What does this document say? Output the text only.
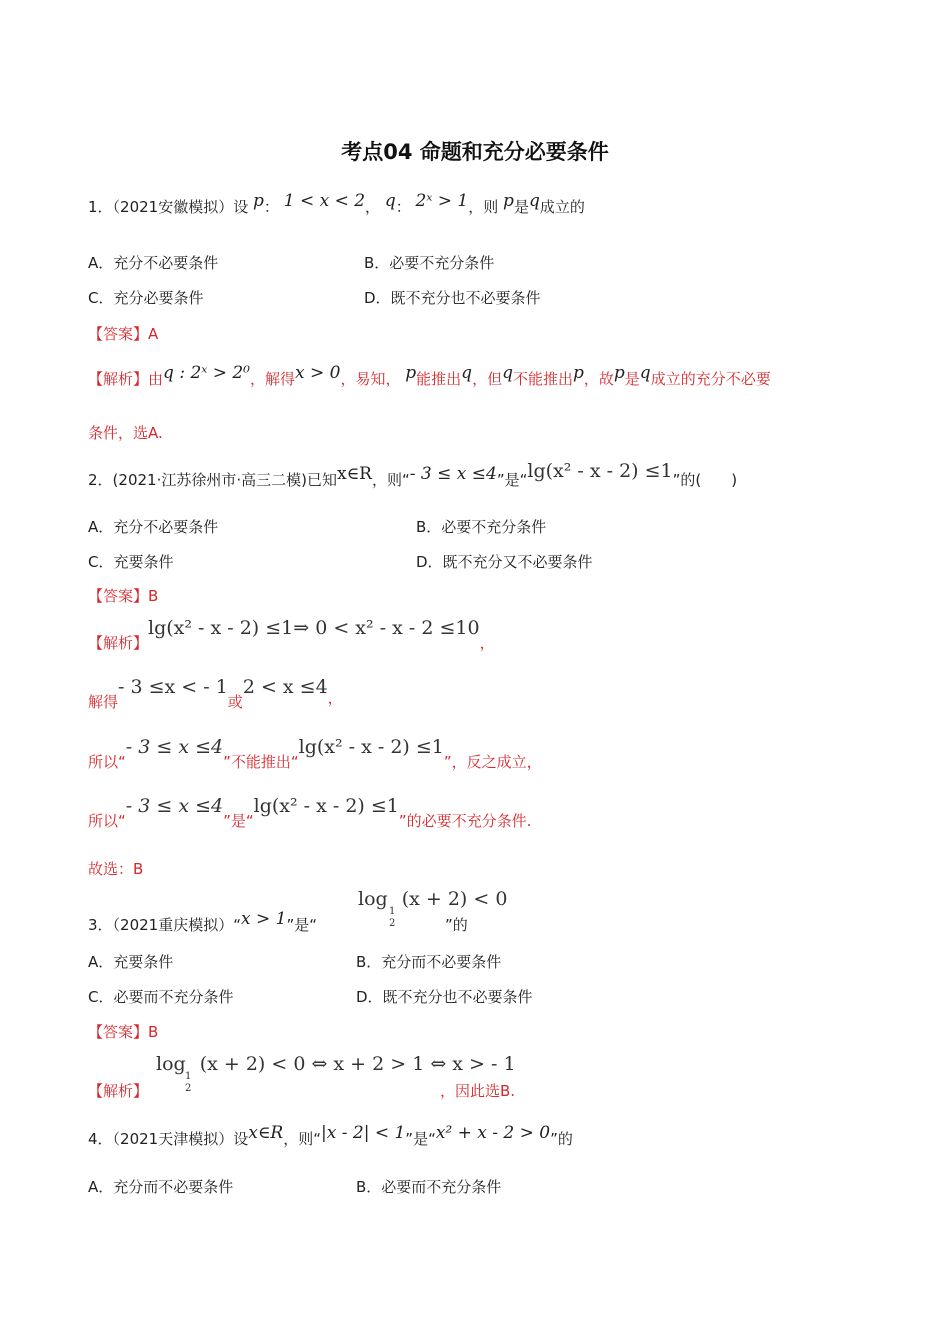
考点04 命题和充分必要条件
1．（2021安徽模拟）设 p： 1 < x < 2， q： 2ˣ > 1，则 p是q成立的
A．充分不必要条件	B．必要不充分条件
C．充分必要条件	D．既不充分也不必要条件
【答案】A
【解析】由q : 2ˣ > 2⁰，解得x > 0，易知， p能推出q，但q不能推出p，故p是q成立的充分不必要
条件，选A.
2．(2021·江苏徐州市·高三二模)已知x∈R，则“- 3 ≤ x ≤4”是“lg(x² - x - 2) ≤1”的(　　)
A．充分不必要条件	B．必要不充分条件
C．充要条件	D．既不充分又不必要条件
【答案】B
【解析】lg(x² - x - 2) ≤1⇒ 0 < x² - x - 2 ≤10，
解得- 3 ≤x < - 1或2 < x ≤4，
所以“- 3 ≤ x ≤4”不能推出“lg(x² - x - 2) ≤1”，反之成立，
所以“- 3 ≤ x ≤4”是“lg(x² - x - 2) ≤1”的必要不充分条件.
故选：B
log (x + 2) < 0
1
2
3．（2021重庆模拟）“x > 1”是“	”的
A．充要条件	B．充分而不必要条件
C．必要而不充分条件	D．既不充分也不必要条件
【答案】B
log (x + 2) < 0 ⇔ x + 2 > 1 ⇔ x > - 1
1
2
【解析】	，因此选B.
4．（2021天津模拟）设x∈R，则“|x - 2| < 1”是“x² + x - 2 > 0”的
A．充分而不必要条件	B．必要而不充分条件
